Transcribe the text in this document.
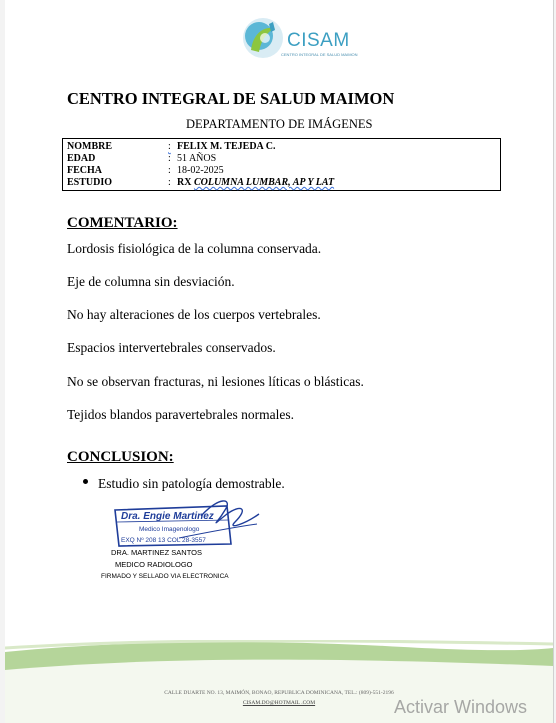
CISAM
CENTRO INTEGRAL DE SALUD MAIMON
CENTRO INTEGRAL DE SALUD MAIMON
DEPARTAMENTO DE IMÁGENES
NOMBRE	: FELIX M. TEJEDA C.
EDAD	: 51 AÑOS
FECHA	: 18-02-2025
ESTUDIO	: RX COLUMNA LUMBAR, AP Y LAT
COMENTARIO:
Lordosis fisiológica de la columna conservada.
Eje de columna sin desviación.
No hay alteraciones de los cuerpos vertebrales.
Espacios intervertebrales conservados.
No se observan fracturas, ni lesiones líticas o blásticas.
Tejidos blandos paravertebrales normales.
CONCLUSION:
Estudio sin patología demostrable.
Dra. Engie Martinez
Medico Imagenologo
EXQ Nº 208 13 COL 28-3557
DRA. MARTINEZ SANTOS
MEDICO RADIOLOGO
FIRMADO Y SELLADO VIA ELECTRONICA
CALLE DUARTE NO. 13, MAIMÓN, BONAO, REPUBLICA DOMINICANA, TEL.: (809)-551-2196
CISAM.DO@HOTMAIL .COM	Activar Windows
